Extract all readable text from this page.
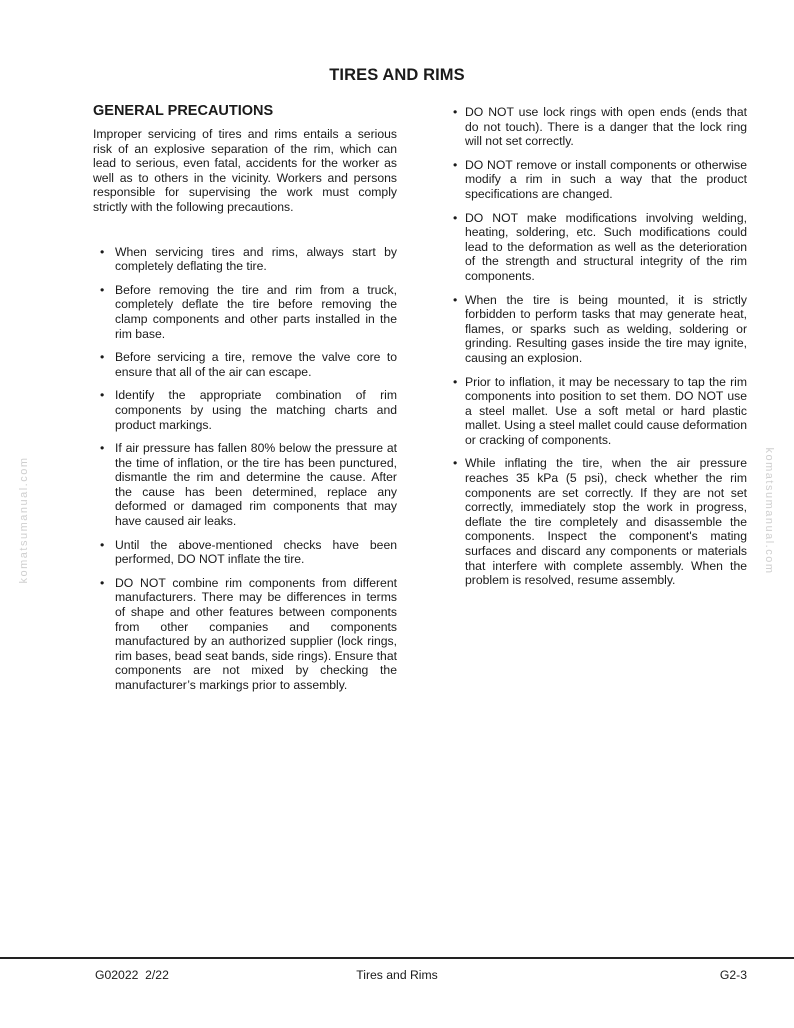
TIRES AND RIMS
GENERAL PRECAUTIONS

Improper servicing of tires and rims entails a serious risk of an explosive separation of the rim, which can lead to serious, even fatal, accidents for the worker as well as to others in the vicinity. Workers and persons responsible for supervising the work must comply strictly with the following precautions.

• When servicing tires and rims, always start by completely deflating the tire.
• Before removing the tire and rim from a truck, completely deflate the tire before removing the clamp components and other parts installed in the rim base.
• Before servicing a tire, remove the valve core to ensure that all of the air can escape.
• Identify the appropriate combination of rim components by using the matching charts and product markings.
• If air pressure has fallen 80% below the pressure at the time of inflation, or the tire has been punctured, dismantle the rim and determine the cause. After the cause has been determined, replace any deformed or damaged rim components that may have caused air leaks.
• Until the above-mentioned checks have been performed, DO NOT inflate the tire.
• DO NOT combine rim components from different manufacturers. There may be differences in terms of shape and other features between components from other companies and components manufactured by an authorized supplier (lock rings, rim bases, bead seat bands, side rings). Ensure that components are not mixed by checking the manufacturer’s markings prior to assembly.
• DO NOT use lock rings with open ends (ends that do not touch). There is a danger that the lock ring will not set correctly.
• DO NOT remove or install components or otherwise modify a rim in such a way that the product specifications are changed.
• DO NOT make modifications involving welding, heating, soldering, etc. Such modifications could lead to the deformation as well as the deterioration of the strength and structural integrity of the rim components.
• When the tire is being mounted, it is strictly forbidden to perform tasks that may generate heat, flames, or sparks such as welding, soldering or grinding. Resulting gases inside the tire may ignite, causing an explosion.
• Prior to inflation, it may be necessary to tap the rim components into position to set them. DO NOT use a steel mallet. Use a soft metal or hard plastic mallet. Using a steel mallet could cause deformation or cracking of components.
• While inflating the tire, when the air pressure reaches 35 kPa (5 psi), check whether the rim components are set correctly. If they are not set correctly, immediately stop the work in progress, deflate the tire completely and disassemble the components. Inspect the component's mating surfaces and discard any components or materials that interfere with complete assembly. When the problem is resolved, resume assembly.
komatsumanual.com	komatsumanual.com
G02022  2/22	Tires and Rims	G2-3
